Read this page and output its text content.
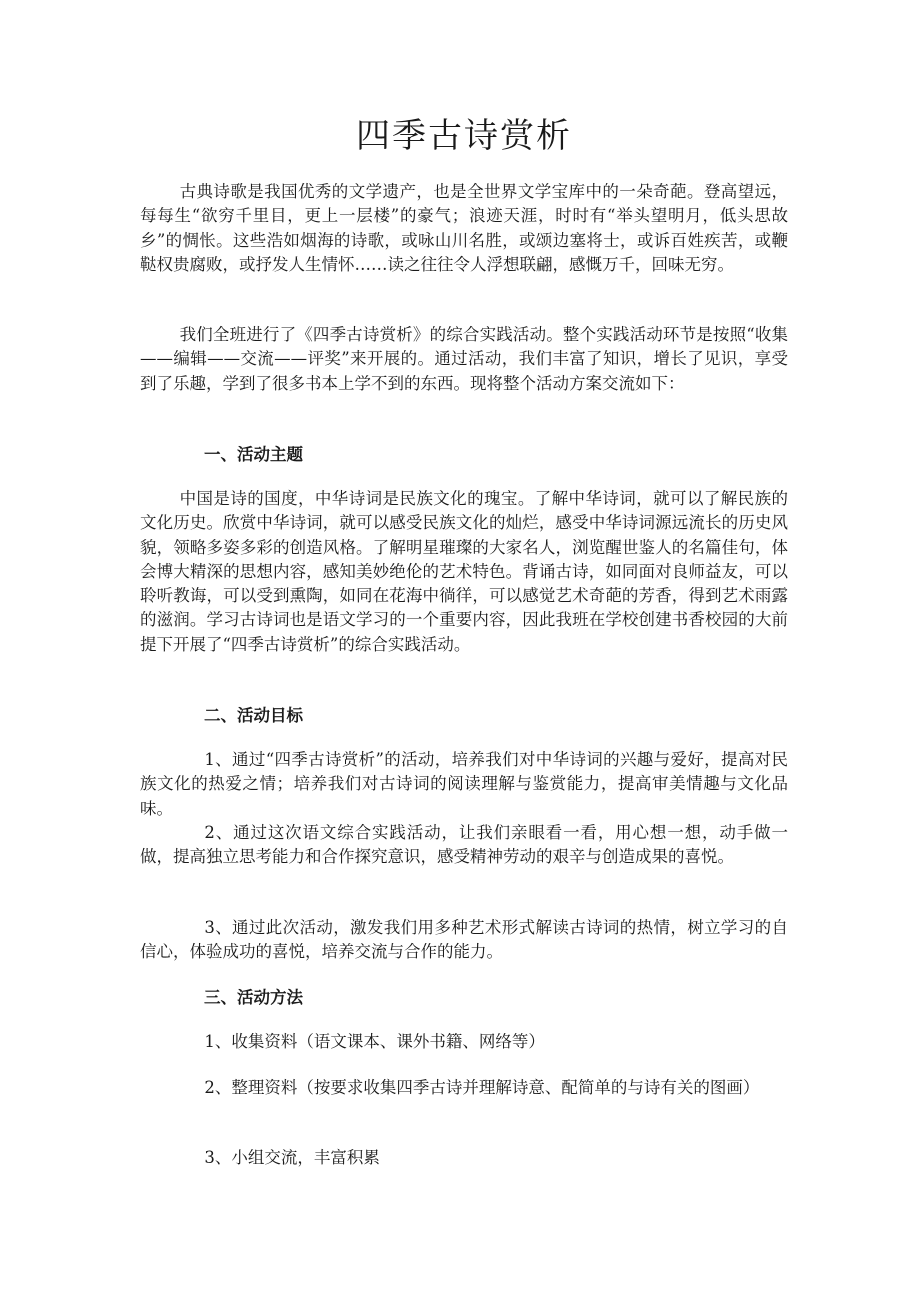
四季古诗赏析

古典诗歌是我国优秀的文学遗产，也是全世界文学宝库中的一朵奇葩。登高望远，每每生“欲穷千里目，更上一层楼”的豪气；浪迹天涯，时时有“举头望明月，低头思故乡”的惆怅。这些浩如烟海的诗歌，或咏山川名胜，或颂边塞将士，或诉百姓疾苦，或鞭鞑权贵腐败，或抒发人生情怀……读之往往令人浮想联翩，感慨万千，回味无穷。

我们全班进行了《四季古诗赏析》的综合实践活动。整个实践活动环节是按照“收集——编辑——交流——评奖”来开展的。通过活动，我们丰富了知识，增长了见识，享受到了乐趣，学到了很多书本上学不到的东西。现将整个活动方案交流如下：

一、活动主题

中国是诗的国度，中华诗词是民族文化的瑰宝。了解中华诗词，就可以了解民族的文化历史。欣赏中华诗词，就可以感受民族文化的灿烂，感受中华诗词源远流长的历史风貌，领略多姿多彩的创造风格。了解明星璀璨的大家名人，浏览醒世鉴人的名篇佳句，体会博大精深的思想内容，感知美妙绝伦的艺术特色。背诵古诗，如同面对良师益友，可以聆听教诲，可以受到熏陶，如同在花海中徜徉，可以感觉艺术奇葩的芳香，得到艺术雨露的滋润。学习古诗词也是语文学习的一个重要内容，因此我班在学校创建书香校园的大前提下开展了“四季古诗赏析”的综合实践活动。

二、活动目标

1、通过“四季古诗赏析”的活动，培养我们对中华诗词的兴趣与爱好，提高对民族文化的热爱之情；培养我们对古诗词的阅读理解与鉴赏能力，提高审美情趣与文化品味。

2、通过这次语文综合实践活动，让我们亲眼看一看，用心想一想，动手做一做，提高独立思考能力和合作探究意识，感受精神劳动的艰辛与创造成果的喜悦。

3、通过此次活动，激发我们用多种艺术形式解读古诗词的热情，树立学习的自信心，体验成功的喜悦，培养交流与合作的能力。

三、活动方法

1、收集资料（语文课本、课外书籍、网络等）

2、整理资料（按要求收集四季古诗并理解诗意、配简单的与诗有关的图画）

3、小组交流，丰富积累
